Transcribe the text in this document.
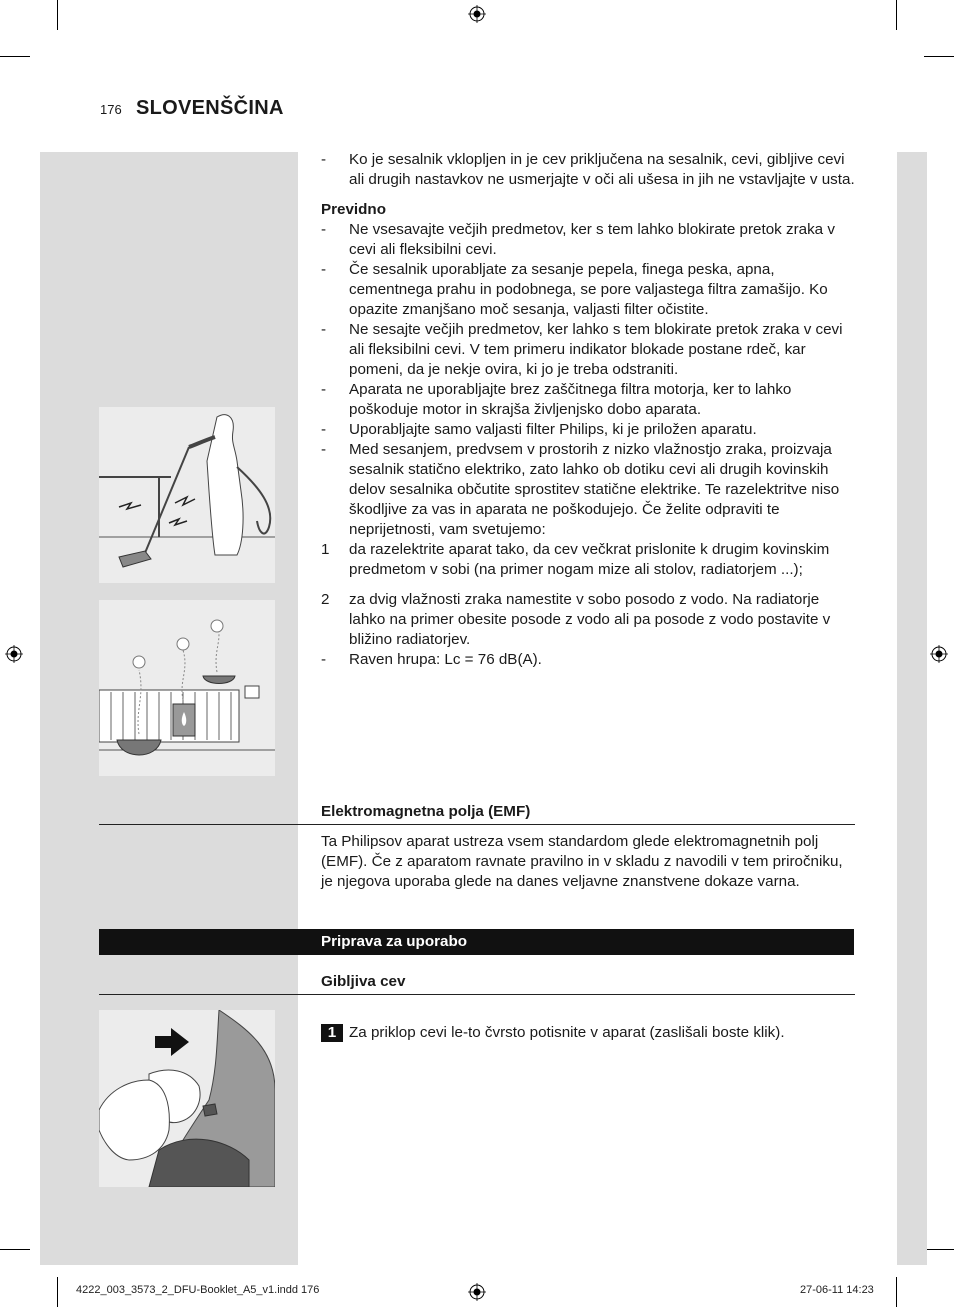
176 SLOVENŠČINA
- Ko je sesalnik vklopljen in je cev priključena na sesalnik, cevi, gibljive cevi ali drugih nastavkov ne usmerjajte v oči ali ušesa in jih ne vstavljajte v usta.
Previdno
- Ne vsesavajte večjih predmetov, ker s tem lahko blokirate pretok zraka v cevi ali fleksibilni cevi.
- Če sesalnik uporabljate za sesanje pepela, finega peska, apna, cementnega prahu in podobnega, se pore valjastega filtra zamašijo. Ko opazite zmanjšano moč sesanja, valjasti filter očistite.
- Ne sesajte večjih predmetov, ker lahko s tem blokirate pretok zraka v cevi ali fleksibilni cevi. V tem primeru indikator blokade postane rdeč, kar pomeni, da je nekje ovira, ki jo je treba odstraniti.
- Aparata ne uporabljajte brez zaščitnega filtra motorja, ker to lahko poškoduje motor in skrajša življenjsko dobo aparata.
- Uporabljajte samo valjasti filter Philips, ki je priložen aparatu.
- Med sesanjem, predvsem v prostorih z nizko vlažnostjo zraka, proizvaja sesalnik statično elektriko, zato lahko ob dotiku cevi ali drugih kovinskih delov sesalnika občutite sprostitev statične elektrike. Te razelektritve niso škodljive za vas in aparata ne poškodujejo. Če želite odpraviti te neprijetnosti, vam svetujemo:
1 da razelektrite aparat tako, da cev večkrat prislonite k drugim kovinskim predmetom v sobi (na primer nogam mize ali stolov, radiatorjem ...);
2 za dvig vlažnosti zraka namestite v sobo posodo z vodo. Na radiatorje lahko na primer obesite posode z vodo ali pa posode z vodo postavite v bližino radiatorjev.
- Raven hrupa: Lc = 76 dB(A).
Elektromagnetna polja (EMF)
Ta Philipsov aparat ustreza vsem standardom glede elektromagnetnih polj (EMF). Če z aparatom ravnate pravilno in v skladu z navodili v tem priročniku, je njegova uporaba glede na danes veljavne znanstvene dokaze varna.
Priprava za uporabo
Gibljiva cev
1 Za priklop cevi le-to čvrsto potisnite v aparat (zaslišali boste klik).
4222_003_3573_2_DFU-Booklet_A5_v1.indd 176	27-06-11 14:23
